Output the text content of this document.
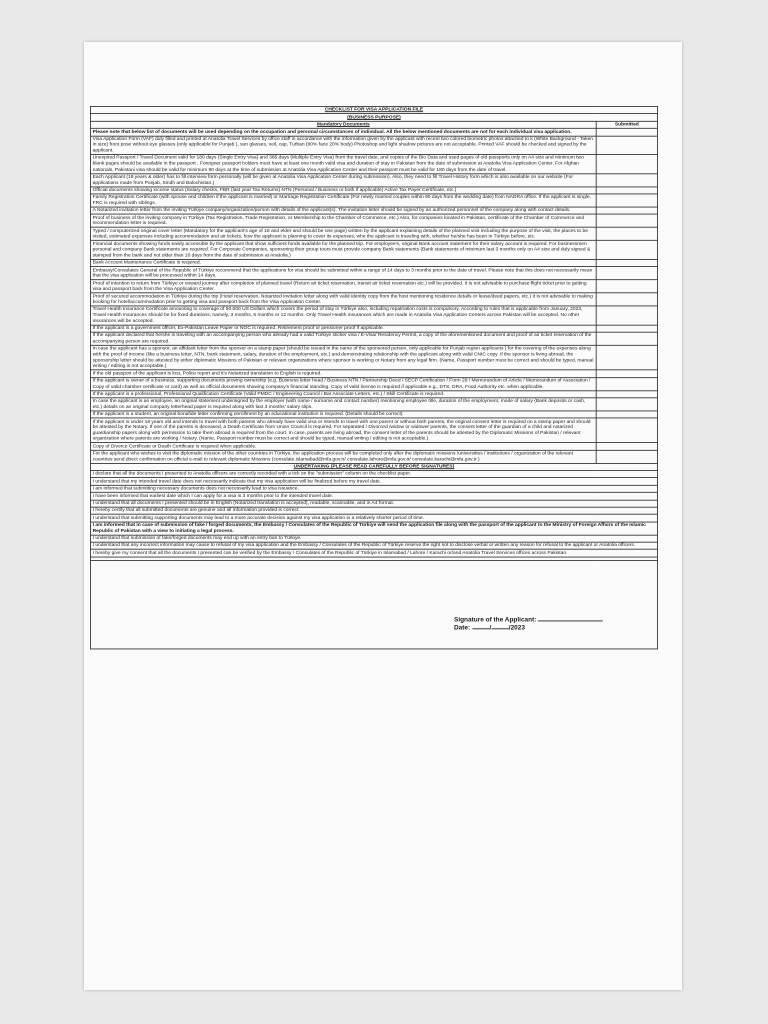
CHECKLIST FOR VISA APPLICATION FILE	
(BUSINESS PURPOSE)	
Mandatory Documents	Submitted
Please note that below list of documents will be used depending on the occupation and personal circumstances of individual. All the below mentioned documents are not for each individual visa application.	
Visa Application Form (VAF) duly filled and printed at Anatolia Travel Services by office staff in accordance with the information given by the applicant with recent two colored biometric photos attached to it (White Background - Taken in size) front pose without eye glasses (only applicable for Punjab ), sun glasses, veil, cap, Turban (80% face 20% body) Photoshop and light shadow pictures are not acceptable. Printed VAF should be checked and signed by the applicant.	
Unexpired Passport / Travel Document valid for 180 days (Single Entry Visa) and 365 days (Multiple Entry Visa) from the travel date, and copies of the Bio Data and used pages of old passports only on A4 size and minimum two blank pages should be available in the passport . Foreigner passport holders must have at least one month valid visa and duration of stay in Pakistan from the date of submission at Anatolia Visa Application Center. For Afghan nationals, Pakistani visa should be valid for minimum 90 days at the time of submission at Anatolia Visa Application Center and their passport must be valid for 180 days from the date of travel.	
Each Applicant (18 years & older) has to fill interview form personally (will be given at Anatolia Visa Application Center during submission). Also, they need to fill Travel History form which is also available on our website (For applications made from Punjab, Sindh and Balochistan.)	
Official documents showing income status (Salary checks, FBR (last year Tax Returns) NTN (Personal / Business or both if applicable) Active Tax Payer Certificate, etc.)	
Family Registration Certificate (with spouse and children if the applicant is married) or Marriage Registration Certificate (For newly married couples within 90 days from the wedding date) from NADRA office. If the applicant is single, FRC is required with siblings.	
A Notarized invitation letter from the inviting Türkiye company/organization/person with details of the applicant(s). The invitation letter should be signed by an authorized personnel of the company along with contact details.	
Proof of business of the inviting company in Türkiye (Tax Registration, Trade Registration, or Membership to the Chamber of Commerce, etc.) Also, for companies located in Pakistan, certificate of the Chamber of Commerce and recommendation letter is required.	
Typed / computerized original cover letter (Mandatory for the applicant's age of 18 and elder and should be one page) written by the applicant explaining details of the planned visit including the purpose of the visit, the places to be visited, estimated expenses including accommodation and air tickets, how the applicant is planning to cover its expenses, who the applicant is traveling with, whether he/she has been in Türkiye before, etc.	
Financial documents showing funds easily accessible by the applicant that show sufficient funds available for the planned trip. For employee's, original Bank account statement for their salary account is required. For businessmen personal and company Bank statements are required. For Corporate Companies, sponsoring their group tours must provide company Bank statements (Bank statements of minimum last 3 months only on A4 size and duly signed & stamped from the bank and not older than 10 days from the date of submission at Anatolia.)	
Bank Account Maintenance Certificate is required.	
Embassy/Consulates General of the Republic of Türkiye recommend that the applications for visa should be submitted within a range of 14 days to 3 months prior to the date of travel. Please note that this does not necessarily mean that the visa application will be processed within 14 days.	
Proof of intention to return from Türkiye or onward journey after completion of planned travel (Return air ticket reservation, transit air ticket reservation etc.) will be provided. It is not advisable to purchase flight ticket prior to getting visa and passport back from the Visa Application Center.	
Proof of secured accommodation in Türkiye during the trip (Hotel reservation, Notarized invitation letter along with valid identity copy from the host mentioning residence details or lease/deed papers, etc.) It is not advisable to making booking for hotel/accommodation prior to getting visa and passport back from the Visa Application Center.	
Travel Health Insurance Certificate amounting to coverage of 50.000 US Dollars which covers the period of stay in Türkiye also, including repatriation costs is compulsory. According to rules that is applicable from January, 2023, Travel Health Insurances should be for fixed durations, namely, 3 months, 6 months or 12 months. Only Travel Health insurances which are made in Anatolia Visa Application Centers across Pakistan will be accepted. No other insurances will be accepted.	
If the applicant is a government officer, Ex-Pakistan Leave Paper or NOC is required. Retirement proof or pensioner proof if applicable.	
If the applicant declared that he/she is traveling with an accompanying person who already had a valid Türkiye sticker visa / E-Visa/ Residency Permit, a copy of the aforementioned document and proof of air ticket reservation of the accompanying person are required.	
In case the applicant has a sponsor, an affidavit letter from the sponsor on a stamp paper (should be issued in the name of the sponsored person, only applicable for Punjab region applicants ) for the covering of the expenses along with the proof of income (like a business letter, NTN, bank statement, salary, duration of the employment, etc.) and demonstrating relationship with the applicant along with valid CNIC copy. If the sponsor is living abroad, the sponsorship letter should be attested by either diplomatic Missions of Pakistan or relevant organizations where sponsor is working or Notary from any legal firm. (Name, Passport number must be correct and should be typed, manual writing / editing is not acceptable.)	
If the old passport of the applicant is lost, Police report and it's Notarized translation to English is required.	
If the applicant is owner of a business, supporting documents proving ownership (e.g. Business letter head / Business NTN / Partnership Deed / SECP Certification / Form 29 / Memorandum of Article / Memorandum of Association / Copy of valid chamber certificate or card) as well as official documents showing company's financial standing. Copy of valid license is required if applicable e.g., DTS, DRA, Food Authority etc. when applicable.	
If the applicant is a professional, Professional Qualification Certificate (Valid PMDC / Engineering Council / Bar Associate Letters, etc.) / Skill Certificate is required.	
In case the applicant is an employee, an original statement undersigned by the employer (with name / surname and contact number) mentioning employee title, duration of the employment, mode of salary (Bank deposits or cash, etc.) details on an original company letterhead paper is required along with last 3 months' salary slips.	
If the applicant is a student, an original bonafide letter confirming enrollment by an educational institution is required. (Details should be correct)	
If the applicant is under 18 years old and intends to travel with both parents who already have valid visa or intends to travel with one parent or without both parents, the original consent letter is required on a stamp paper and should be attested by the Notary. If one of the parents is deceased, a Death Certificate from Union Council is required. For separated / Divorced /widow or widower parents, the consent letter of the guardian of a child and notarized guardianship papers along with permission to take them abroad is required from the court. In case, parents are living abroad, the consent letter of the parents should be attested by the Diplomatic Missions of Pakistan / relevant organization where parents are working / Notary. (Name, Passport number must be correct and should be typed, manual writing / editing is not acceptable.)	
Copy of Divorce Certificate or Death Certificate is required when applicable.	
For the applicant who wishes to visit the diplomatic mission of the other countries in Türkiye, the application process will be completed only after the diplomatic missions /universities / institutions / organization of the relevant countries send direct confirmation on official e-mail to relevant diplomatic Missions (consulate.islamabad@mfa.gov.tr/ consulate.lahore@mfa.gov.tr/ consulate.karachi@mfa.gov.tr )	
UNDERTAKING (PLEASE READ CAREFULLY BEFORE SIGNATURES)	
I declare that all the documents I presented to Anatolia officers are correctly recorded with a tick on the "submission" column on the checklist paper.	
I understand that my intended travel date does not necessarily indicate that my visa application will be finalized before my travel date.	
I am informed that submitting necessary documents does not necessarily lead to visa issuance.	
I have been informed that earliest date which I can apply for a visa is 3 months prior to the intended travel date.	
I understand that all documents I presented should be in English (Notarized translation is accepted), readable, scannable, and in A4 format.	
I hereby certify that all submitted documents are genuine and all information provided is correct.	
I understand that submitting supporting documents may lead to a more accurate decision against my visa application in a relatively shorter period of time.	
I am informed that in case of submission of fake / forged documents, the Embassy / Consulates of the Republic of Türkiye will send the application file along with the passport of the applicant to the Ministry of Foreign Affairs of the Islamic Republic of Pakistan with a view to initiating a legal process.	
I understand that submission of fake/forged documents may end up with an entry ban to Türkiye.	
I understand that any incorrect information may cause to refusal of my visa application and the Embassy / Consulates of the Republic of Türkiye reserve the right not to disclose verbal or written any reason for refusal to the applicant or Anatolia officers.	
I hereby give my consent that all the documents I presented can be verified by the Embassy / Consulates of the Republic of Türkiye in Islamabad / Lahore / Karachi or/and Anatolia Travel Services offices across Pakistan.	

Signature of the Applicant:
Date: / /2023	
